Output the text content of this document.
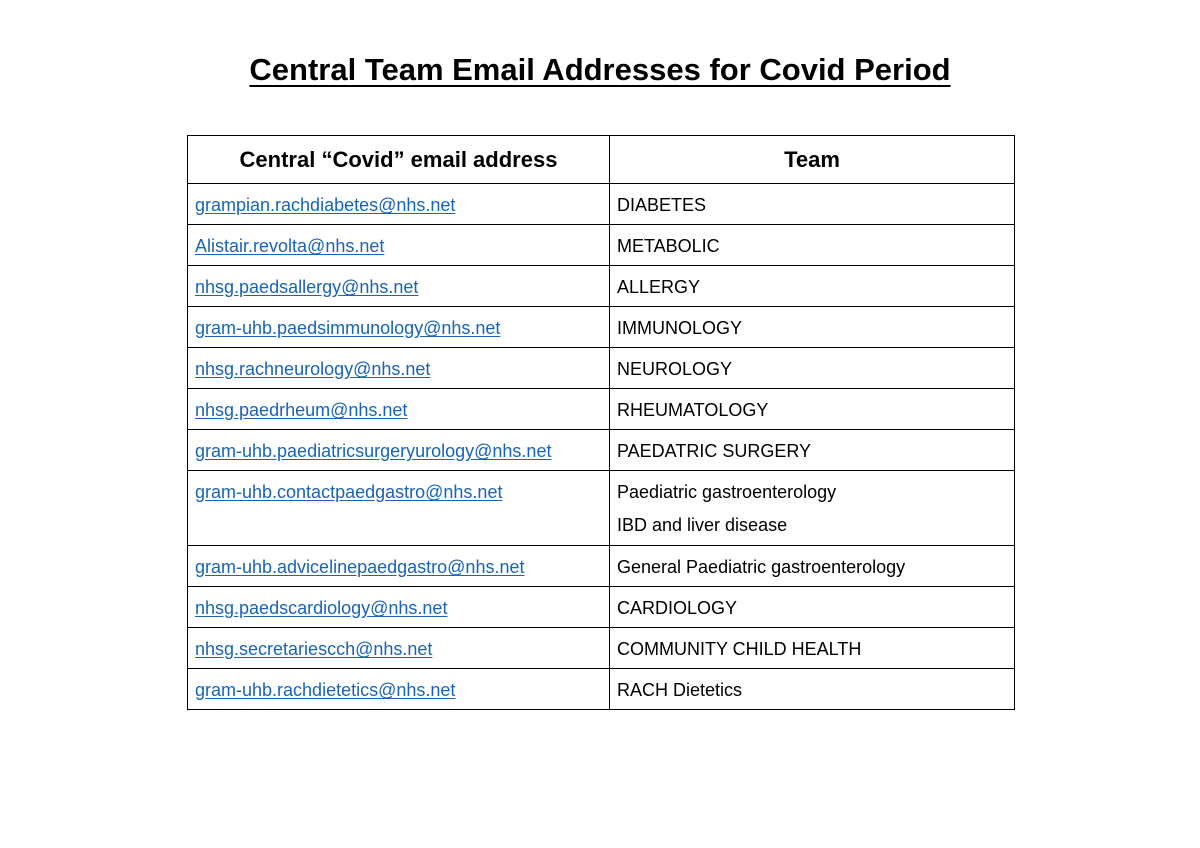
Central Team Email Addresses for Covid Period
Central “Covid” email address	Team
grampian.rachdiabetes@nhs.net	DIABETES

Alistair.revolta@nhs.net	METABOLIC

nhsg.paedsallergy@nhs.net	ALLERGY

gram-uhb.paedsimmunology@nhs.net	IMMUNOLOGY

nhsg.rachneurology@nhs.net	NEUROLOGY

nhsg.paedrheum@nhs.net	RHEUMATOLOGY

gram-uhb.paediatricsurgeryurology@nhs.net	PAEDATRIC SURGERY

gram-uhb.contactpaedgastro@nhs.net	Paediatric gastroenterology
IBD and liver disease

gram-uhb.advicelinepaedgastro@nhs.net	General Paediatric gastroenterology

nhsg.paedscardiology@nhs.net	CARDIOLOGY

nhsg.secretariescch@nhs.net	COMMUNITY CHILD HEALTH

gram-uhb.rachdietetics@nhs.net	RACH Dietetics
